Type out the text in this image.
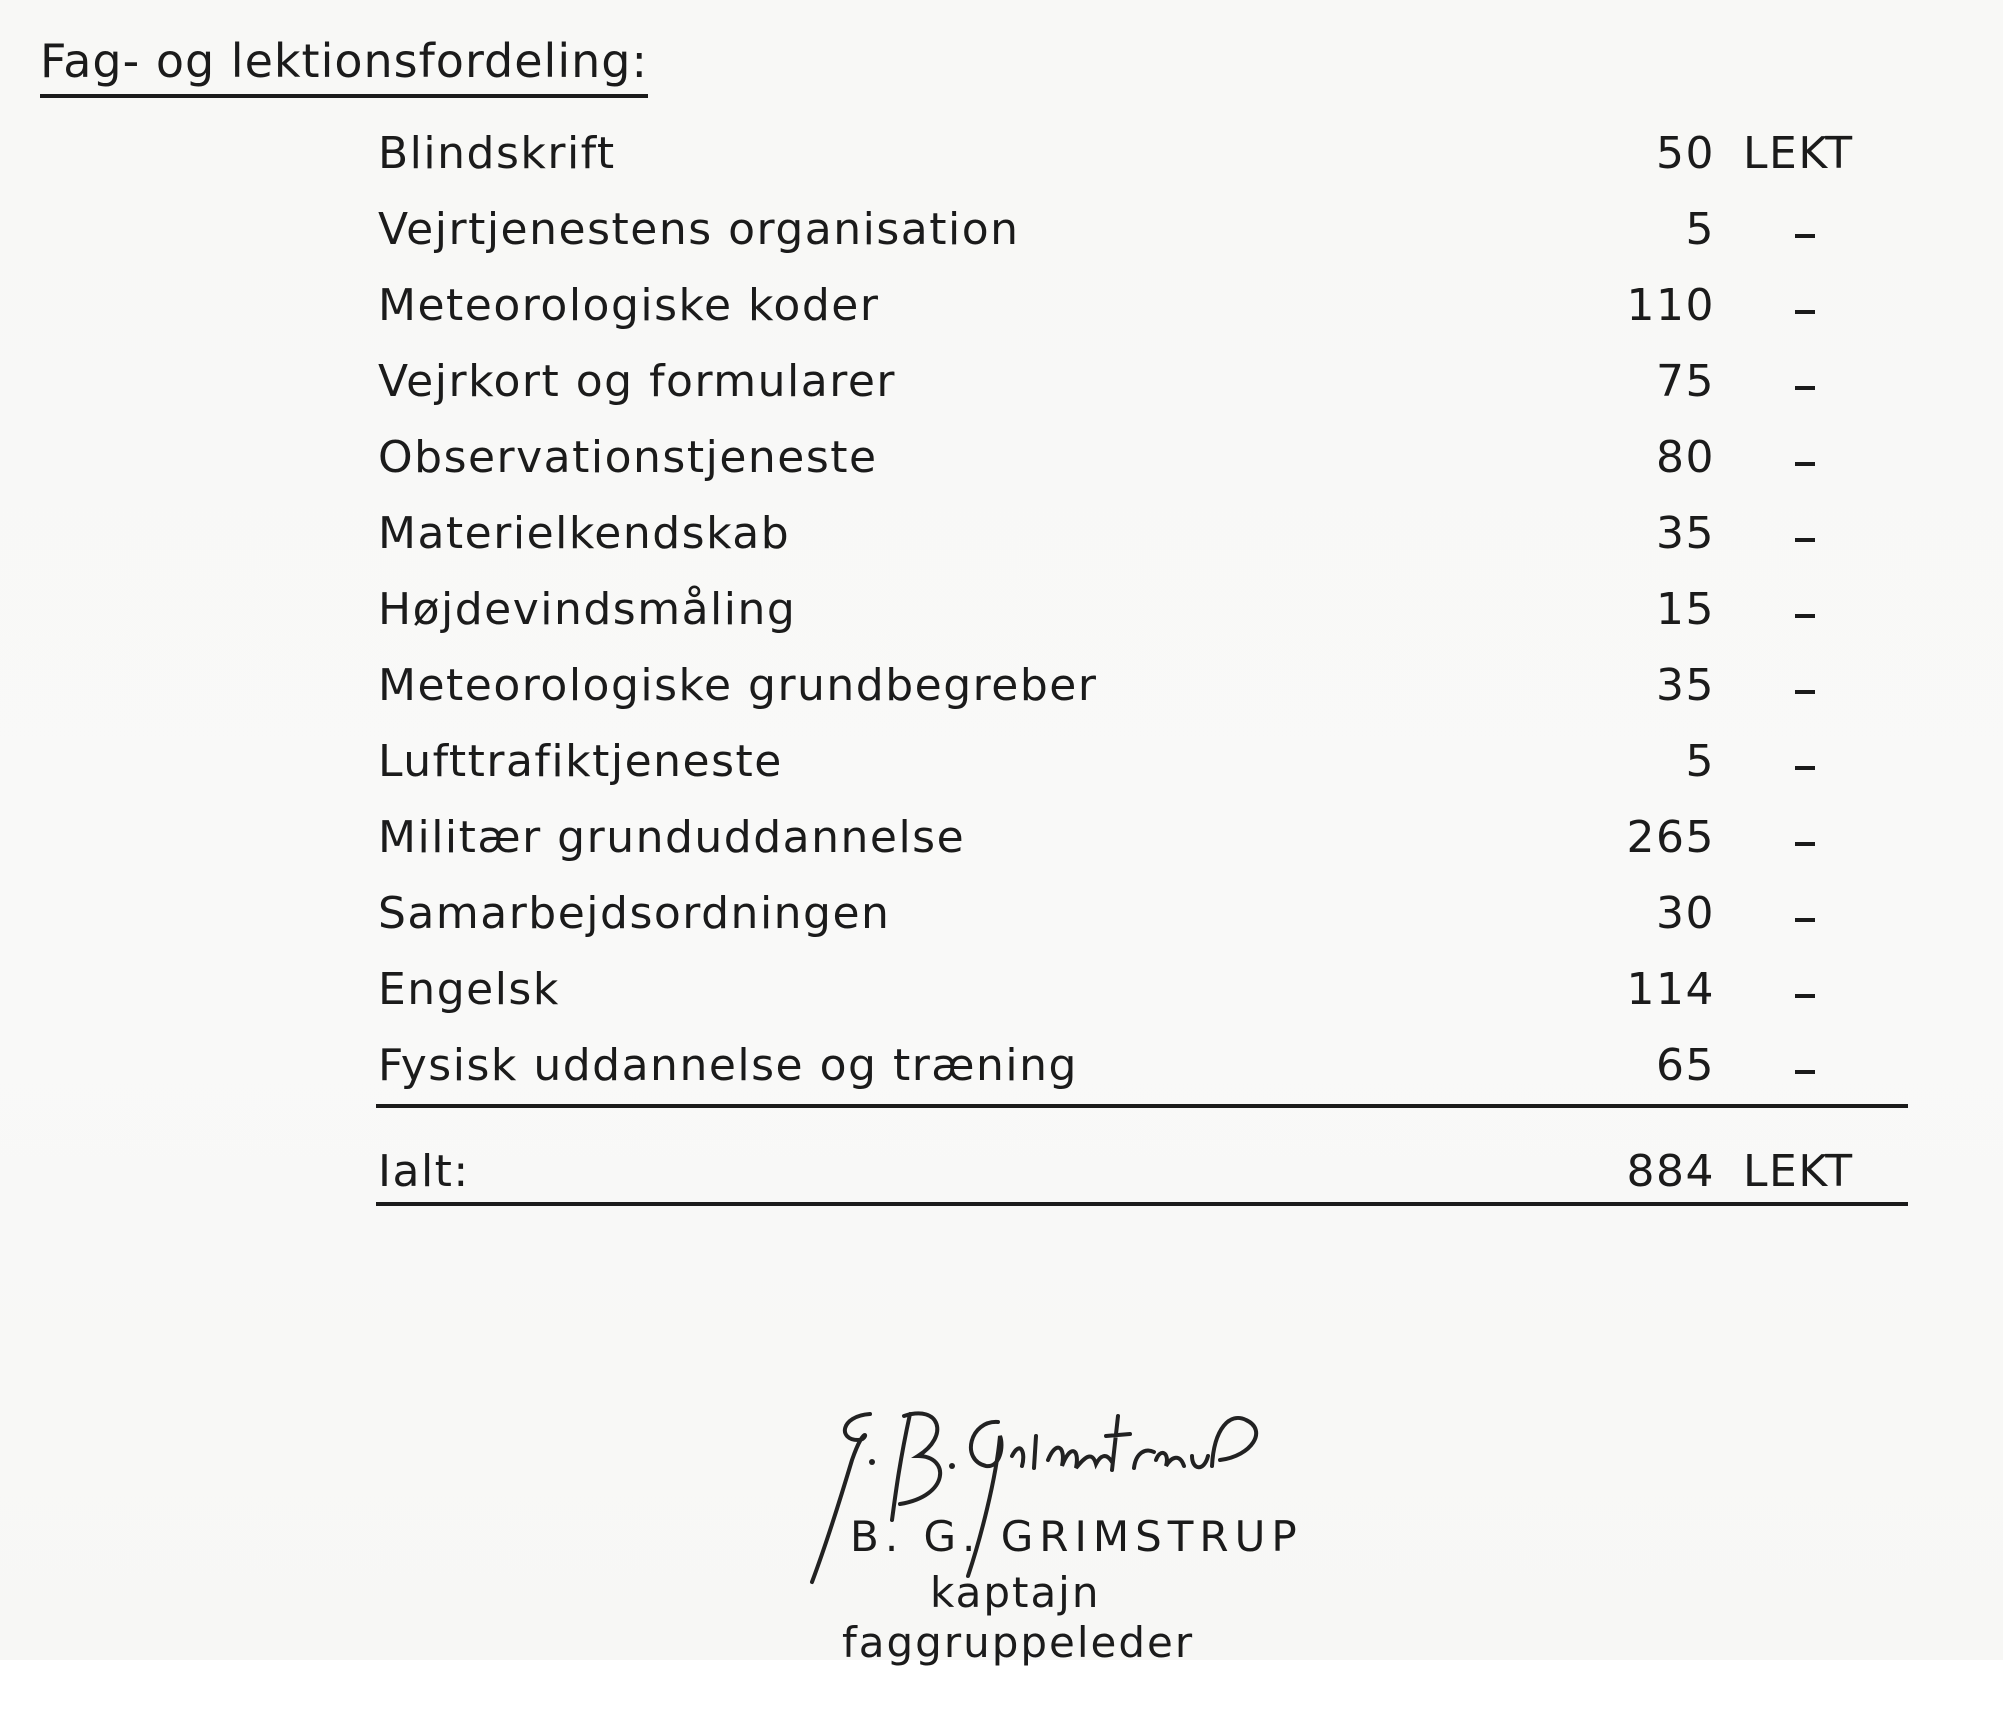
Fag- og lektionsfordeling:
Blindskrift	50 LEKT
Vejrtjenestens organisation	5
Meteorologiske koder	110
Vejrkort og formularer	75
Observationstjeneste	80
Materielkendskab	35
Højdevindsmåling	15
Meteorologiske grundbegreber	35
Lufttrafiktjeneste	5
Militær grunduddannelse	265
Samarbejdsordningen	30
Engelsk	114
Fysisk uddannelse og træning	65
Ialt:	884 LEKT
B. G. GRIMSTRUP
kaptajn
faggruppeleder
